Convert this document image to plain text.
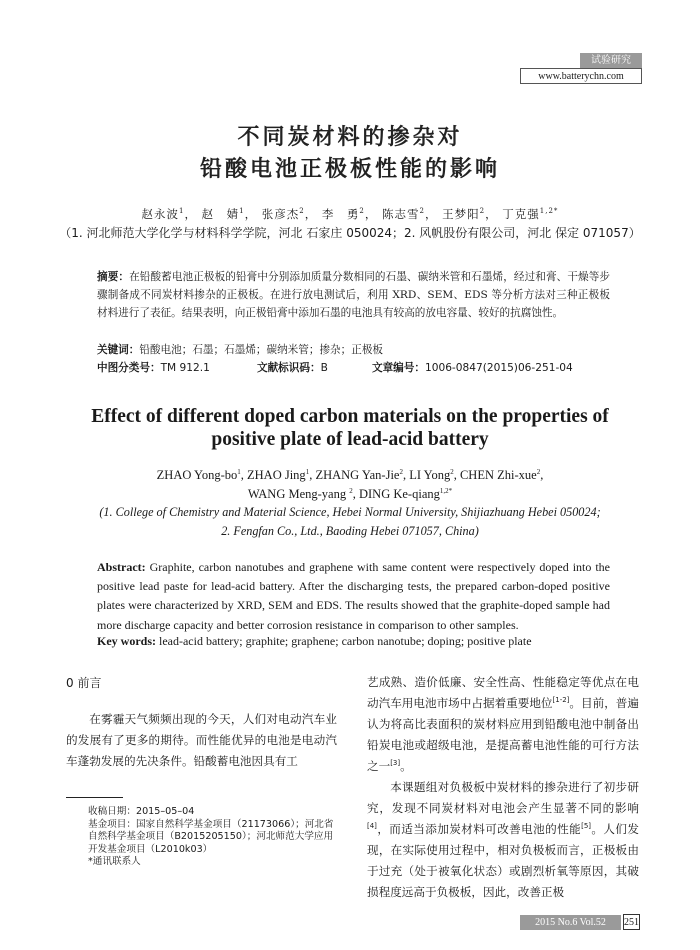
试验研究
www.batterychn.com
不同炭材料的掺杂对
铅酸电池正极板性能的影响
赵永波$^1$， 赵　婧$^1$， 张彦杰$^2$， 李　勇$^2$， 陈志雪$^2$， 王梦阳$^2$， 丁克强$^{1,2*}$
（1. 河北师范大学化学与材料科学学院，河北 石家庄 050024；2. 风帆股份有限公司，河北 保定 071057）
摘要：在铅酸蓄电池正极板的铅膏中分别添加质量分数相同的石墨、碳纳米管和石墨烯，经过和膏、干燥等步骤制备成不同炭材料掺杂的正极板。在进行放电测试后，利用 XRD、SEM、EDS 等分析方法对三种正极板材料进行了表征。结果表明，向正极铅膏中添加石墨的电池具有较高的放电容量、较好的抗腐蚀性。
关键词：铅酸电池；石墨；石墨烯；碳纳米管；掺杂；正极板
中图分类号：TM 912.1	文献标识码：B	文章编号：1006-0847(2015)06-251-04
Effect of different doped carbon materials on the properties of
positive plate of lead-acid battery
ZHAO Yong-$bo^1$, ZHAO Jing$^1$, ZHANG Yan-Jie$^2$, LI Yong$^2$, CHEN Zhi-xue$^2$,
WANG Meng-yang $^2$, DING Ke-qiang$^{1,2*}$
(1. College of Chemistry and Material Science, Hebei Normal University, Shijiazhuang Hebei 050024;
2. Fengfan Co., Ltd., Baoding Hebei 071057, China)
Abstract: Graphite, carbon nanotubes and graphene with same content were respectively doped into the positive lead paste for lead-acid battery. After the discharging tests, the prepared carbon-doped positive plates were characterized by XRD, SEM and EDS. The results showed that the graphite-doped sample had more discharge capacity and better corrosion resistance in comparison to other samples.
Key words: lead-acid battery; graphite; graphene; carbon nanotube; doping; positive plate
0 前言

在雾霾天气频频出现的今天，人们对电动汽车业的发展有了更多的期待。而性能优异的电池是电动汽车蓬勃发展的先决条件。铅酸蓄电池因具有工

收稿日期：2015–05–04

基金项目：国家自然科学基金项目（21173066）；河北省自然科学基金项目（B2015205150）；河北师范大学应用开发基金项目（L2010k03）

*通讯联系人

艺成熟、造价低廉、安全性高、性能稳定等优点在电动汽车用电池市场中占据着重要地位[1-2]。目前，普遍认为将高比表面积的炭材料应用到铅酸电池中制备出铅炭电池或超级电池，是提高蓄电池性能的可行方法之一[3]。

本课题组对负极板中炭材料的掺杂进行了初步研究，发现不同炭材料对电池会产生显著不同的影响[4]，而适当添加炭材料可改善电池的性能[5]。人们发现，在实际使用过程中，相对负极板而言，正极板由于过充（处于被氧化状态）或剧烈析氧等原因，其破损程度远高于负极板，因此，改善正极

2015 No.6 Vol.52	251
